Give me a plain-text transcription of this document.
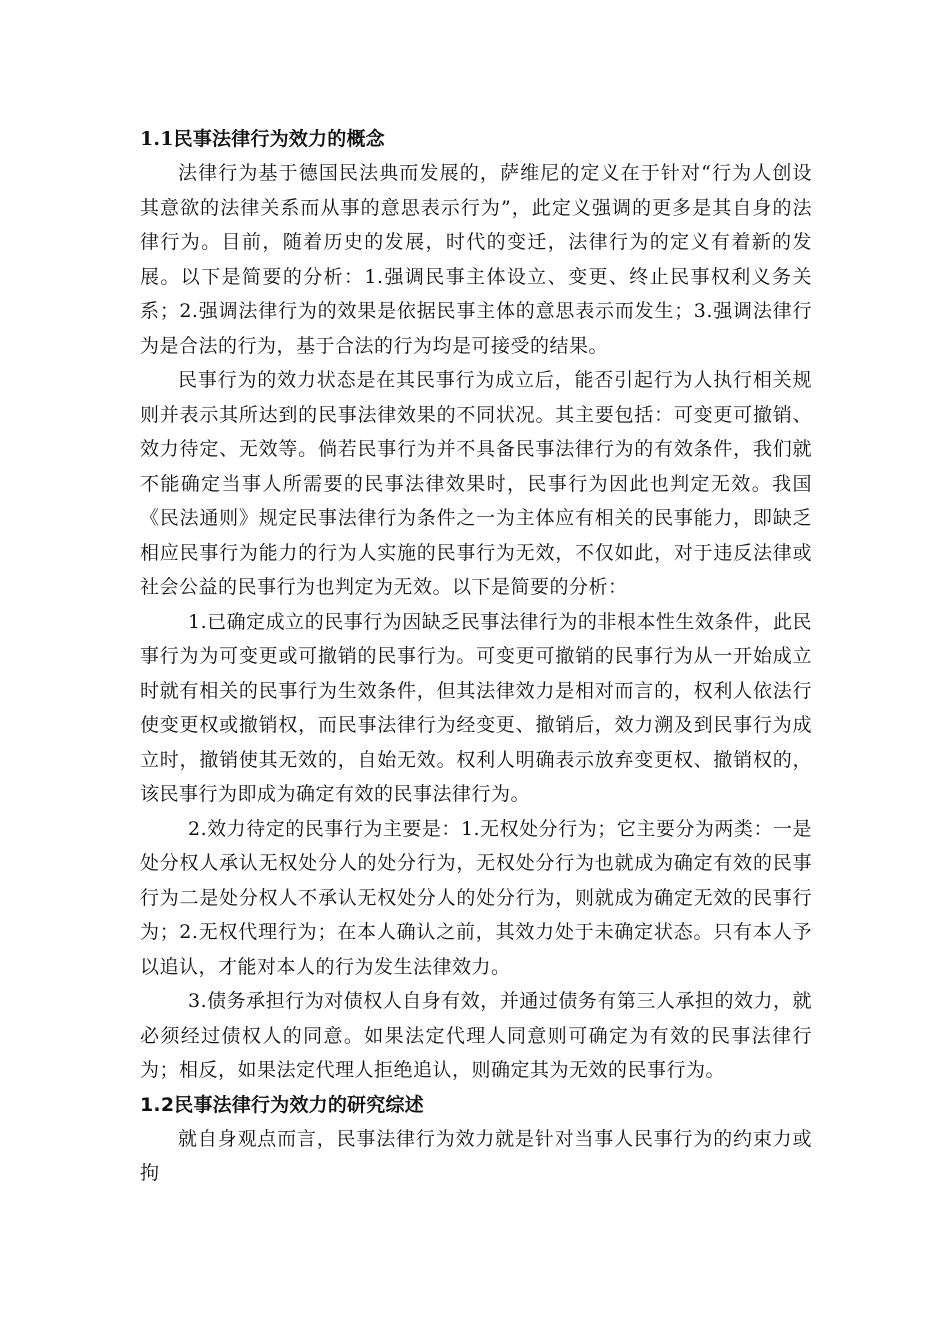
1.1民事法律行为效力的概念

法律行为基于德国民法典而发展的，萨维尼的定义在于针对“行为人创设其意欲的法律关系而从事的意思表示行为”，此定义强调的更多是其自身的法律行为。目前，随着历史的发展，时代的变迁，法律行为的定义有着新的发展。以下是简要的分析：1.强调民事主体设立、变更、终止民事权利义务关系；2.强调法律行为的效果是依据民事主体的意思表示而发生；3.强调法律行为是合法的行为，基于合法的行为均是可接受的结果。

民事行为的效力状态是在其民事行为成立后，能否引起行为人执行相关规则并表示其所达到的民事法律效果的不同状况。其主要包括：可变更可撤销、效力待定、无效等。倘若民事行为并不具备民事法律行为的有效条件，我们就不能确定当事人所需要的民事法律效果时，民事行为因此也判定无效。我国《民法通则》规定民事法律行为条件之一为主体应有相关的民事能力，即缺乏相应民事行为能力的行为人实施的民事行为无效，不仅如此，对于违反法律或社会公益的民事行为也判定为无效。以下是简要的分析：

1.已确定成立的民事行为因缺乏民事法律行为的非根本性生效条件，此民事行为为可变更或可撤销的民事行为。可变更可撤销的民事行为从一开始成立时就有相关的民事行为生效条件，但其法律效力是相对而言的，权利人依法行使变更权或撤销权，而民事法律行为经变更、撤销后，效力溯及到民事行为成立时，撤销使其无效的，自始无效。权利人明确表示放弃变更权、撤销权的，该民事行为即成为确定有效的民事法律行为。

2.效力待定的民事行为主要是：1.无权处分行为；它主要分为两类：一是处分权人承认无权处分人的处分行为，无权处分行为也就成为确定有效的民事行为二是处分权人不承认无权处分人的处分行为，则就成为确定无效的民事行为；2.无权代理行为；在本人确认之前，其效力处于未确定状态。只有本人予以追认，才能对本人的行为发生法律效力。

3.债务承担行为对债权人自身有效，并通过债务有第三人承担的效力，就必须经过债权人的同意。如果法定代理人同意则可确定为有效的民事法律行为；相反，如果法定代理人拒绝追认，则确定其为无效的民事行为。

1.2民事法律行为效力的研究综述

就自身观点而言，民事法律行为效力就是针对当事人民事行为的约束力或拘
